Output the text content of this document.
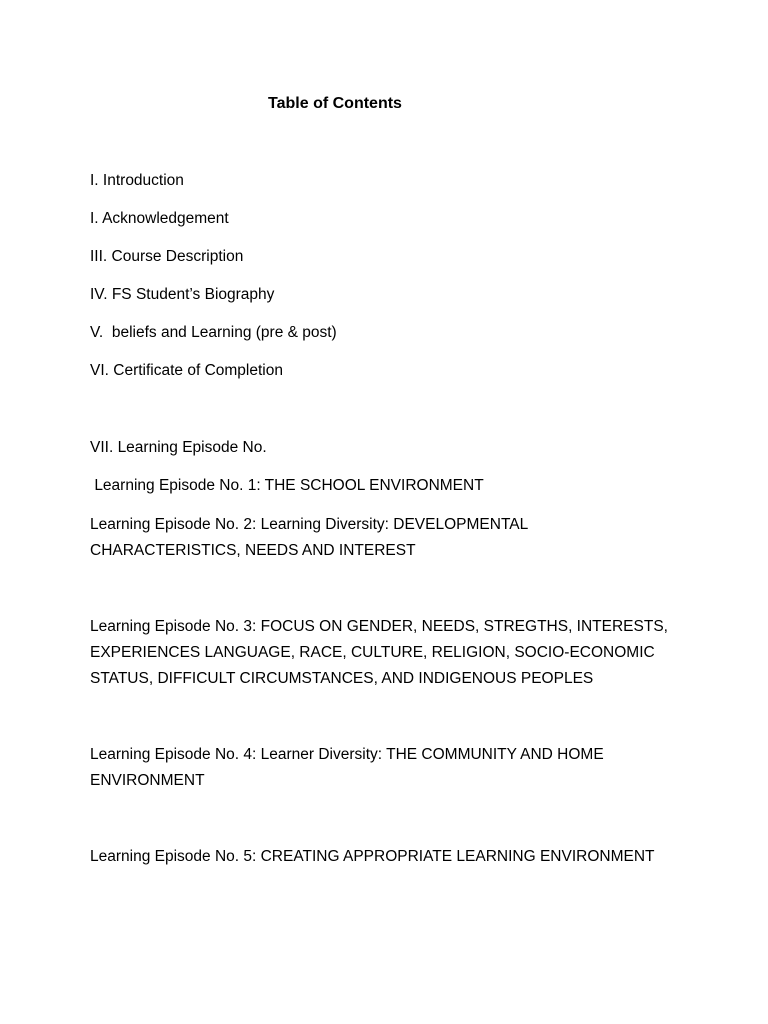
Table of Contents
I. Introduction
I. Acknowledgement
III. Course Description
IV. FS Student’s Biography
V.  beliefs and Learning (pre & post)
VI. Certificate of Completion
VII. Learning Episode No.
Learning Episode No. 1: THE SCHOOL ENVIRONMENT
Learning Episode No. 2: Learning Diversity: DEVELOPMENTAL CHARACTERISTICS, NEEDS AND INTEREST
Learning Episode No. 3: FOCUS ON GENDER, NEEDS, STREGTHS, INTERESTS, EXPERIENCES LANGUAGE, RACE, CULTURE, RELIGION, SOCIO-ECONOMIC STATUS, DIFFICULT CIRCUMSTANCES, AND INDIGENOUS PEOPLES
Learning Episode No. 4: Learner Diversity: THE COMMUNITY AND HOME ENVIRONMENT
Learning Episode No. 5: CREATING APPROPRIATE LEARNING ENVIRONMENT
